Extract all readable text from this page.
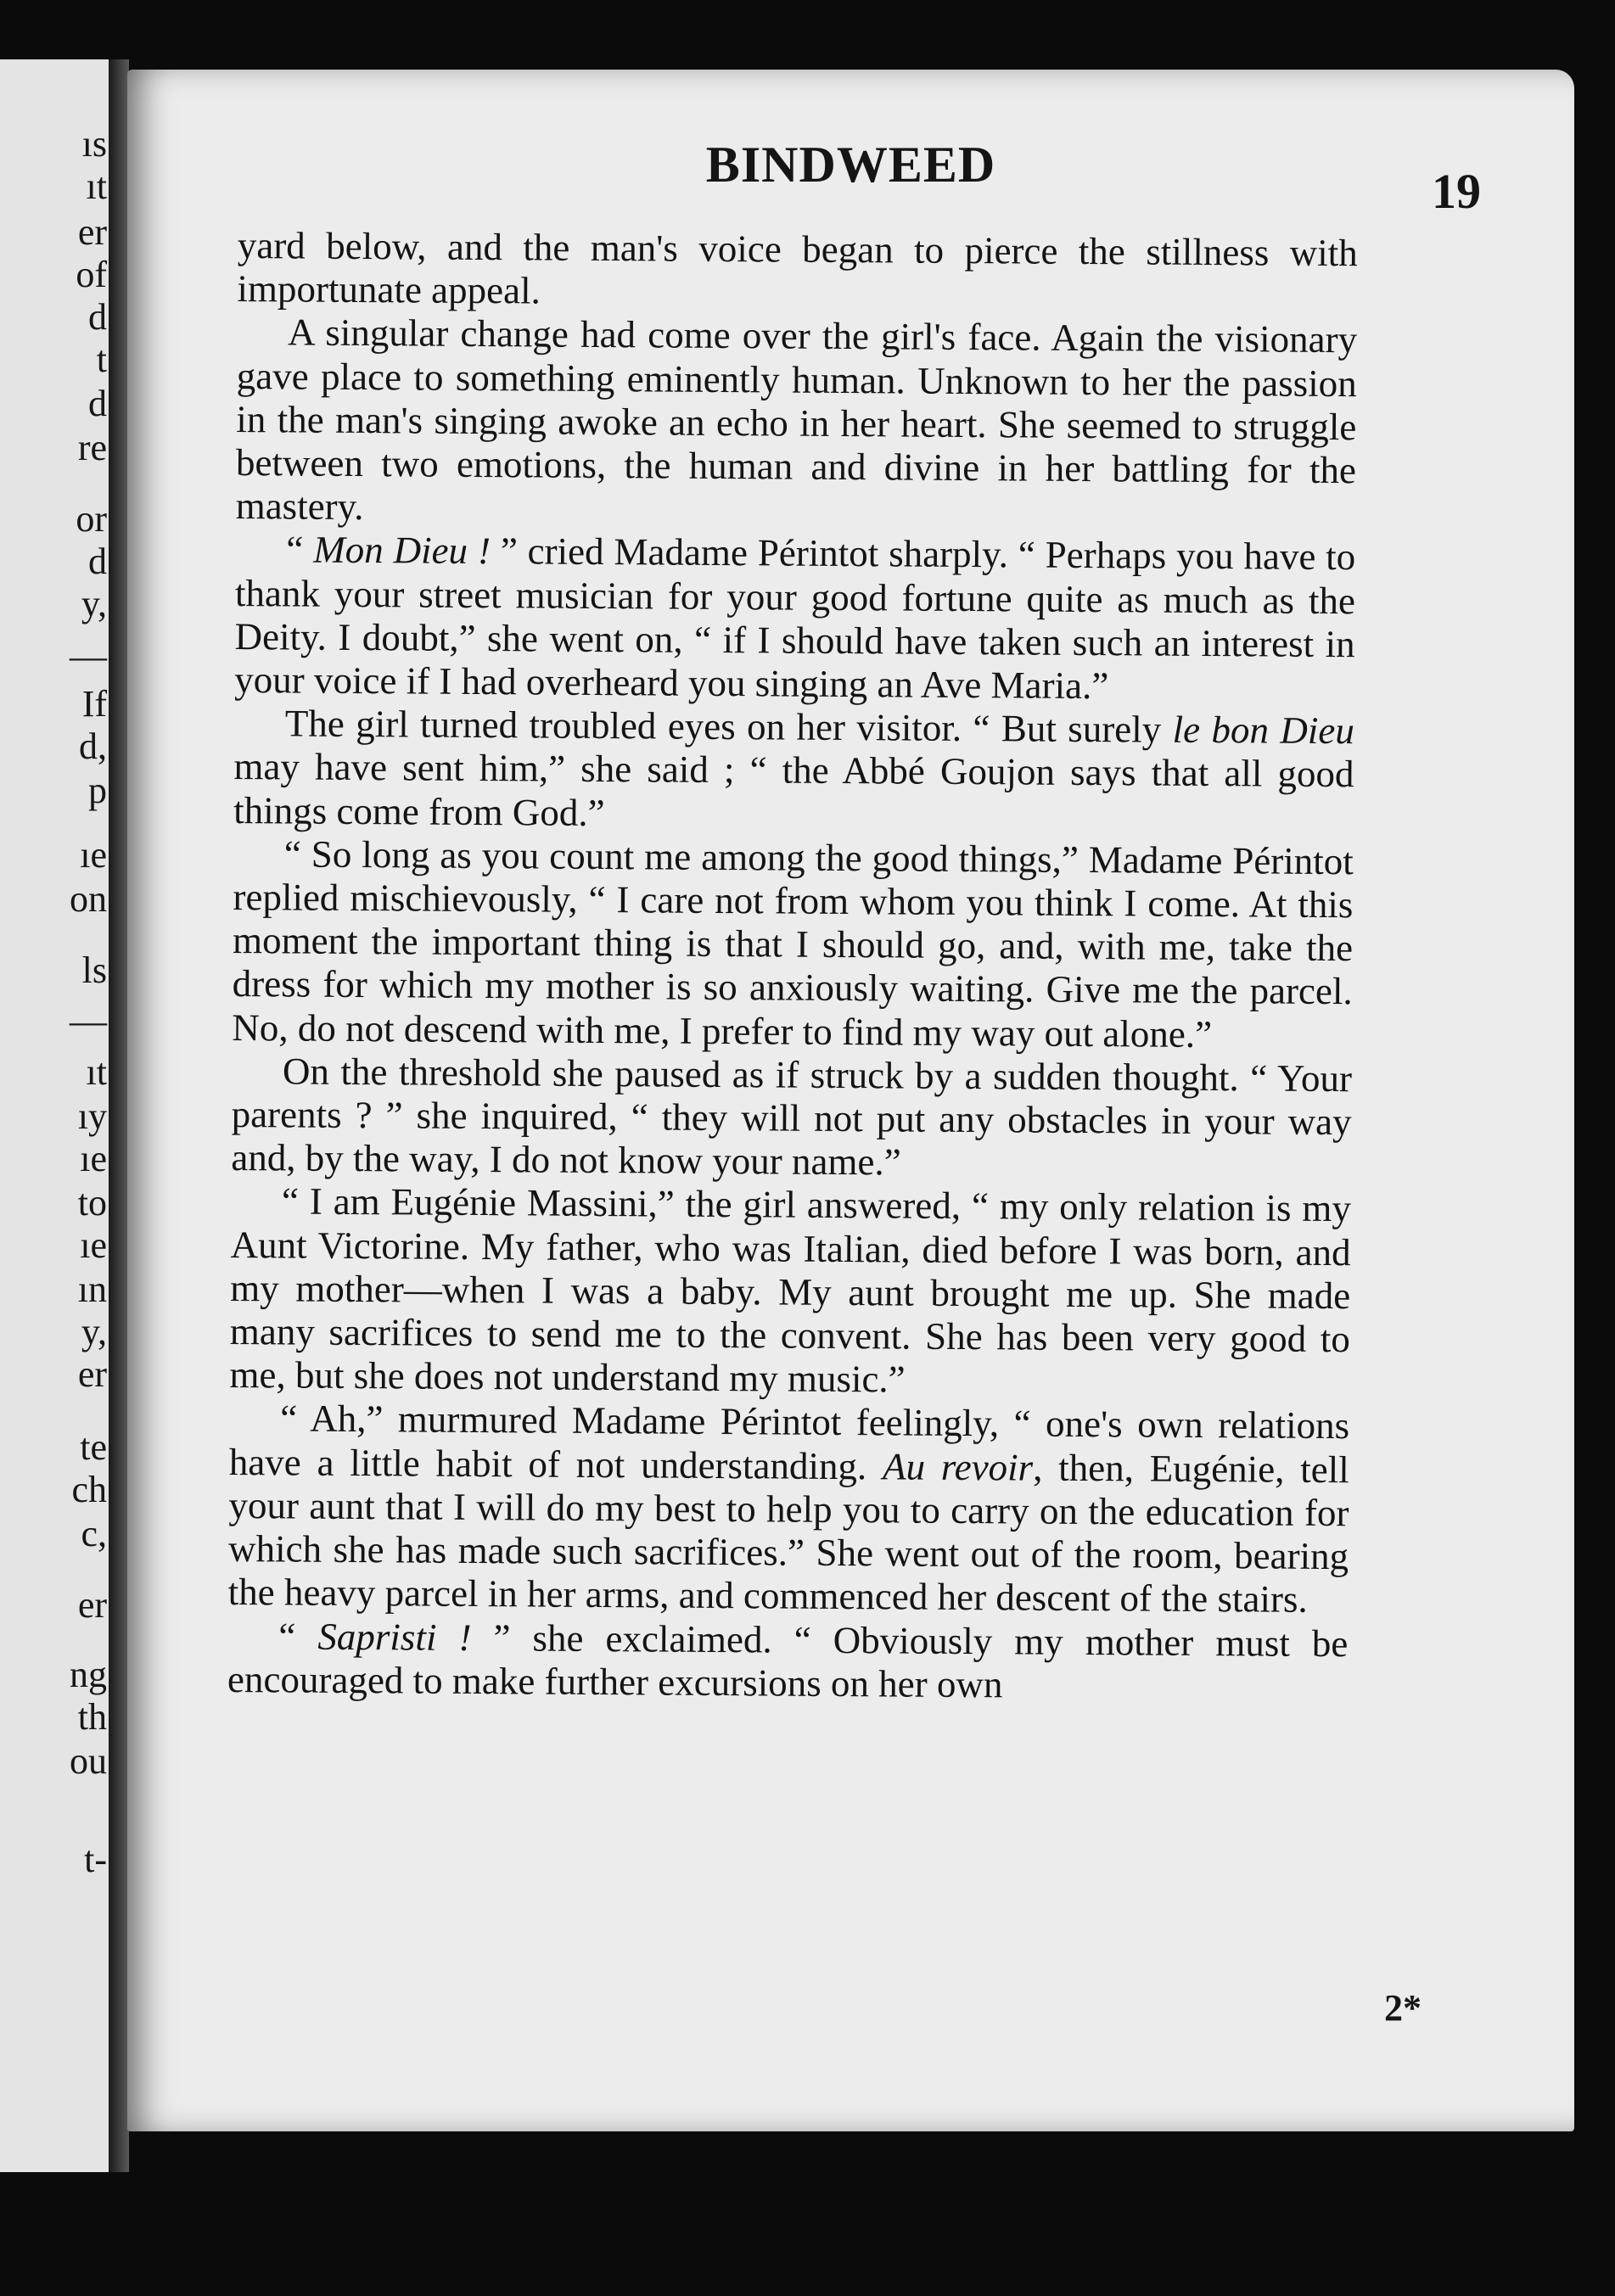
ıs
ıt
er
of
d
t
d
re
or
d
y,
—
If
d,
p
ıe
on
ls
—
ıt
ıy
ıe
to
ıe
ın
y,
er
te
ch
c,
er
ng
th
ou
t-
BINDWEED	19

yard below, and the man's voice began to pierce the stillness with importunate appeal.

A singular change had come over the girl's face. Again the visionary gave place to something eminently human. Unknown to her the passion in the man's singing awoke an echo in her heart. She seemed to struggle between two emotions, the human and divine in her battling for the mastery.

“ Mon Dieu ! ” cried Madame Périntot sharply. “ Perhaps you have to thank your street musician for your good fortune quite as much as the Deity. I doubt,” she went on, “ if I should have taken such an interest in your voice if I had overheard you singing an Ave Maria.”

The girl turned troubled eyes on her visitor. “ But surely le bon Dieu may have sent him,” she said ; “ the Abbé Goujon says that all good things come from God.”

“ So long as you count me among the good things,” Madame Périntot replied mischievously, “ I care not from whom you think I come. At this moment the important thing is that I should go, and, with me, take the dress for which my mother is so anxiously waiting. Give me the parcel. No, do not descend with me, I prefer to find my way out alone.”

On the threshold she paused as if struck by a sudden thought. “ Your parents ? ” she inquired, “ they will not put any obstacles in your way and, by the way, I do not know your name.”

“ I am Eugénie Massini,” the girl answered, “ my only relation is my Aunt Victorine. My father, who was Italian, died before I was born, and my mother—when I was a baby. My aunt brought me up. She made many sacrifices to send me to the convent. She has been very good to me, but she does not understand my music.”

“ Ah,” murmured Madame Périntot feelingly, “ one's own relations have a little habit of not understanding. Au revoir, then, Eugénie, tell your aunt that I will do my best to help you to carry on the education for which she has made such sacrifices.” She went out of the room, bearing the heavy parcel in her arms, and commenced her descent of the stairs.

“ Sapristi ! ” she exclaimed. “ Obviously my mother must be encouraged to make further excursions on her own

2*
